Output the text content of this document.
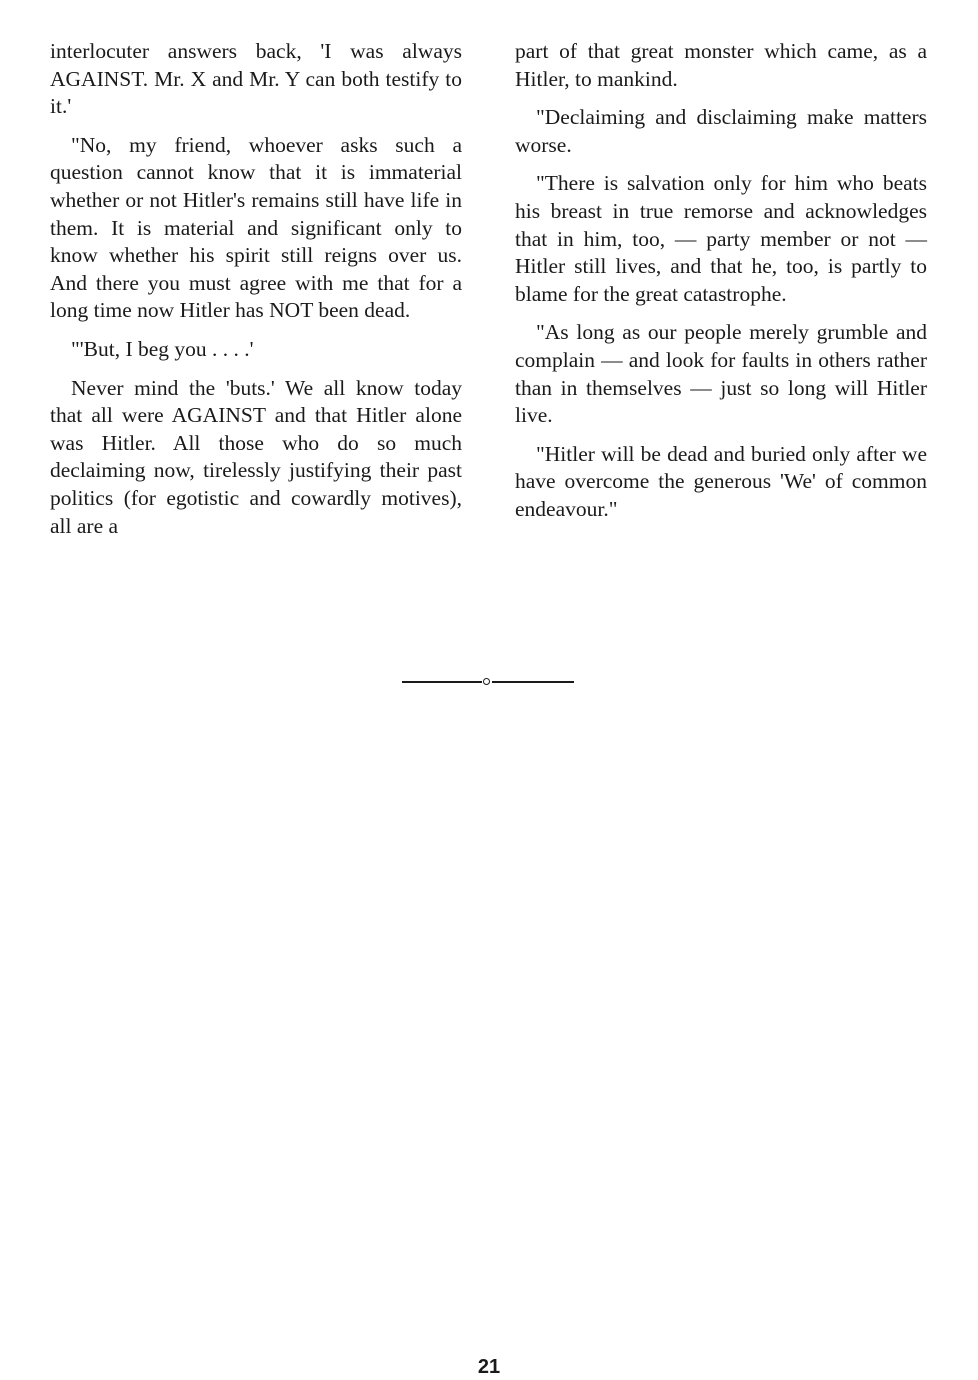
interlocuter answers back, 'I was always AGAINST. Mr. X and Mr. Y can both testify to it.'

"No, my friend, whoever asks such a question cannot know that it is immaterial whether or not Hitler's remains still have life in them. It is material and significant only to know whether his spirit still reigns over us. And there you must agree with me that for a long time now Hitler has NOT been dead.

"'But, I beg you . . . .'

Never mind the 'buts.' We all know today that all were AGAINST and that Hitler alone was Hitler. All those who do so much declaiming now, tirelessly justifying their past politics (for egotistic and cowardly motives), all are a

part of that great monster which came, as a Hitler, to mankind.

"Declaiming and disclaiming make matters worse.

"There is salvation only for him who beats his breast in true remorse and acknowledges that in him, too, — party member or not — Hitler still lives, and that he, too, is partly to blame for the great catastrophe.

"As long as our people merely grumble and complain — and look for faults in others rather than in themselves — just so long will Hitler live.

"Hitler will be dead and buried only after we have overcome the generous 'We' of common endeavour."

21
